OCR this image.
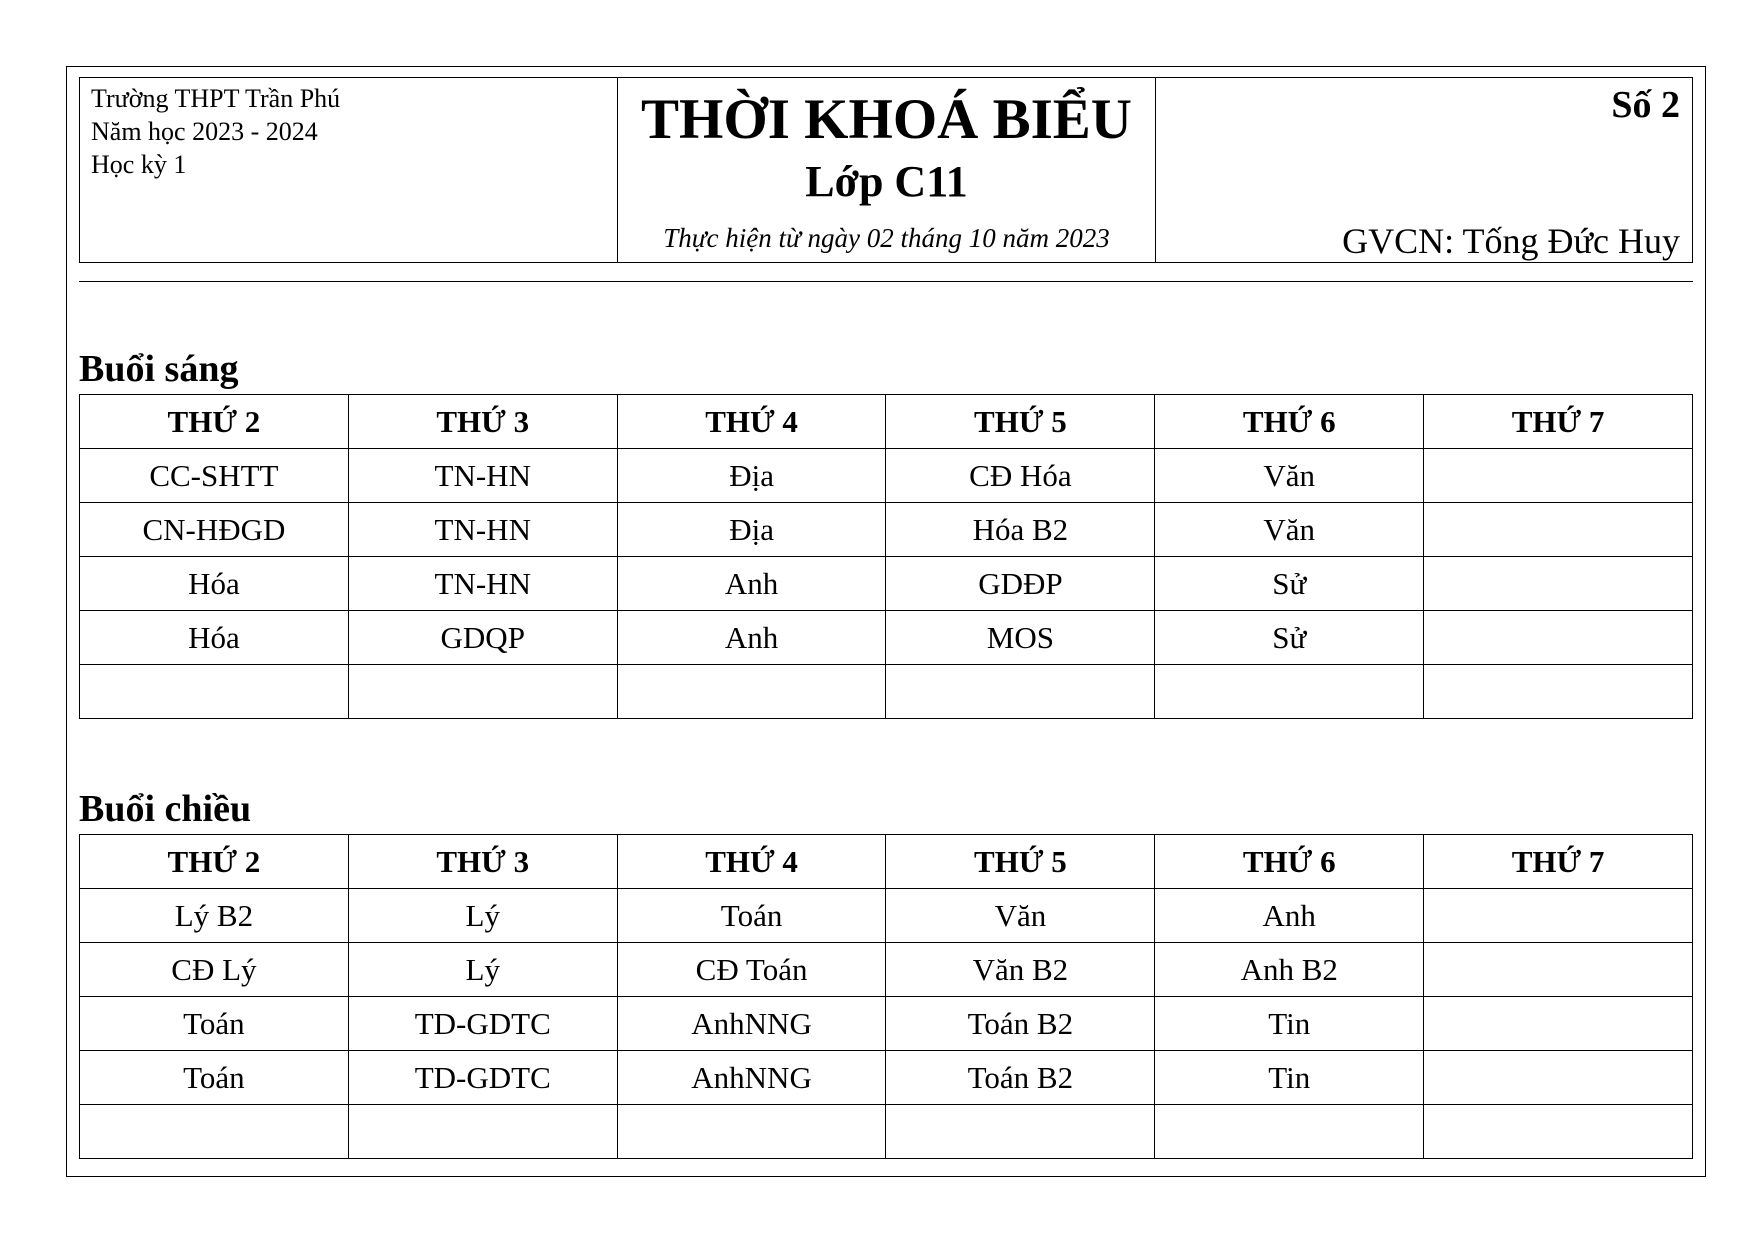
Trường THPT Trần Phú
Năm học 2023 - 2024
Học kỳ 1
THỜI KHOÁ BIỂU
Lớp C11
Thực hiện từ ngày 02 tháng 10 năm 2023
Số 2
GVCN: Tống Đức Huy
Buổi sáng
THỨ 2	THỨ 3	THỨ 4	THỨ 5	THỨ 6	THỨ 7
CC-SHTT	TN-HN	Địa	CĐ Hóa	Văn	
CN-HĐGD	TN-HN	Địa	Hóa B2	Văn	
Hóa	TN-HN	Anh	GDĐP	Sử	
Hóa	GDQP	Anh	MOS	Sử	

Buổi chiều
THỨ 2	THỨ 3	THỨ 4	THỨ 5	THỨ 6	THỨ 7
Lý B2	Lý	Toán	Văn	Anh	
CĐ Lý	Lý	CĐ Toán	Văn B2	Anh B2	
Toán	TD-GDTC	AnhNNG	Toán B2	Tin	
Toán	TD-GDTC	AnhNNG	Toán B2	Tin	
